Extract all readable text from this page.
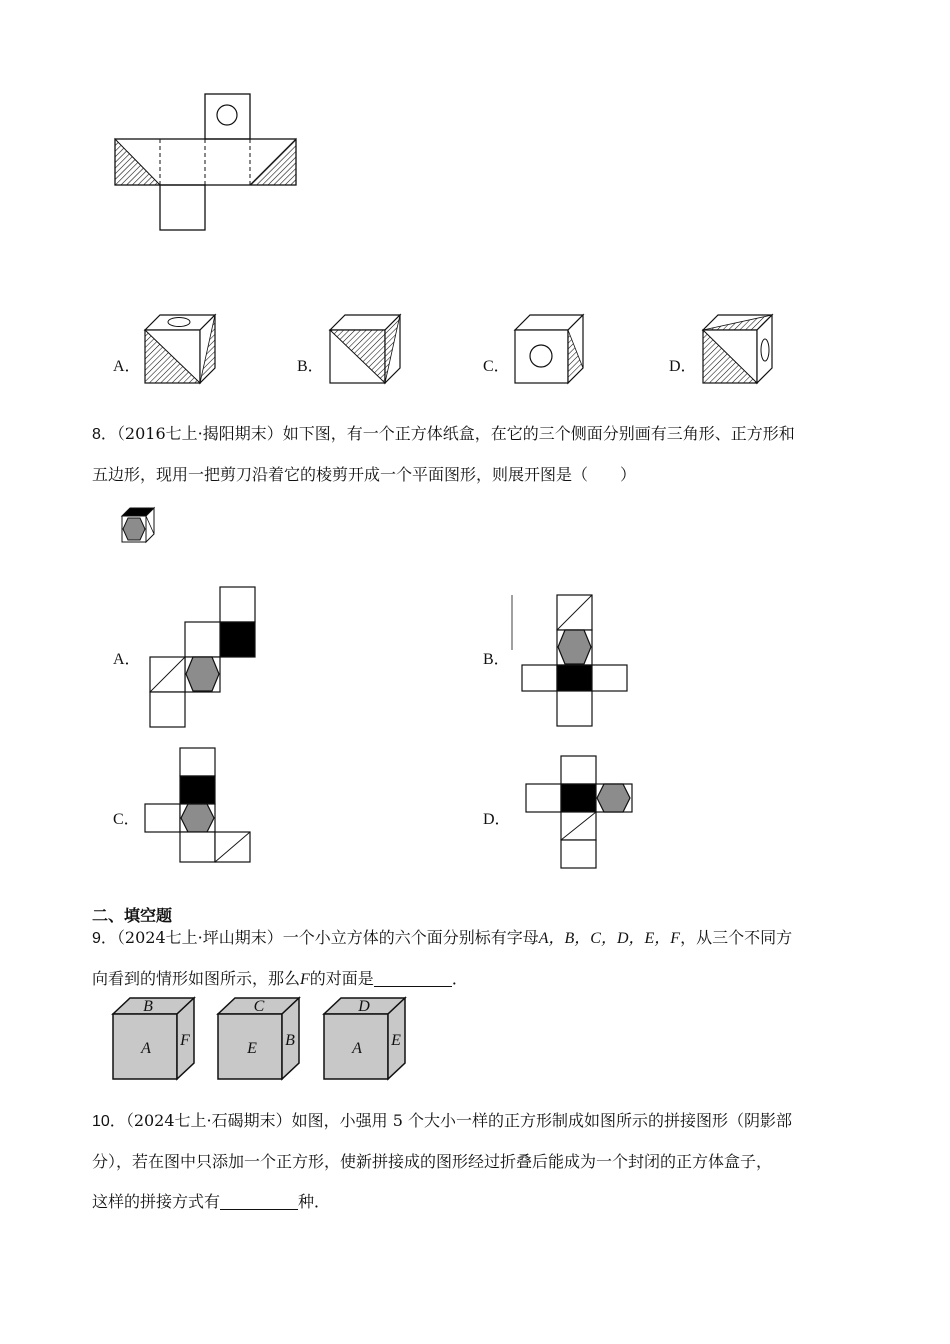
A．	B．	C．	D．
8．（2016七上·揭阳期末）如下图，有一个正方体纸盒，在它的三个侧面分别画有三角形、正方形和
五边形，现用一把剪刀沿着它的棱剪开成一个平面图形，则展开图是（　　）
A．	B．
C．	D．
二、填空题
9．（2024七上·坪山期末）一个小立方体的六个面分别标有字母A，B，C，D，E，F，从三个不同方
向看到的情形如图所示，那么F的对面是	．
B
A F
C
E B
D
A E
10．（2024七上·石碣期末）如图，小强用 5 个大小一样的正方形制成如图所示的拼接图形（阴影部
分），若在图中只添加一个正方形，使新拼接成的图形经过折叠后能成为一个封闭的正方体盒子，
这样的拼接方式有	种．
